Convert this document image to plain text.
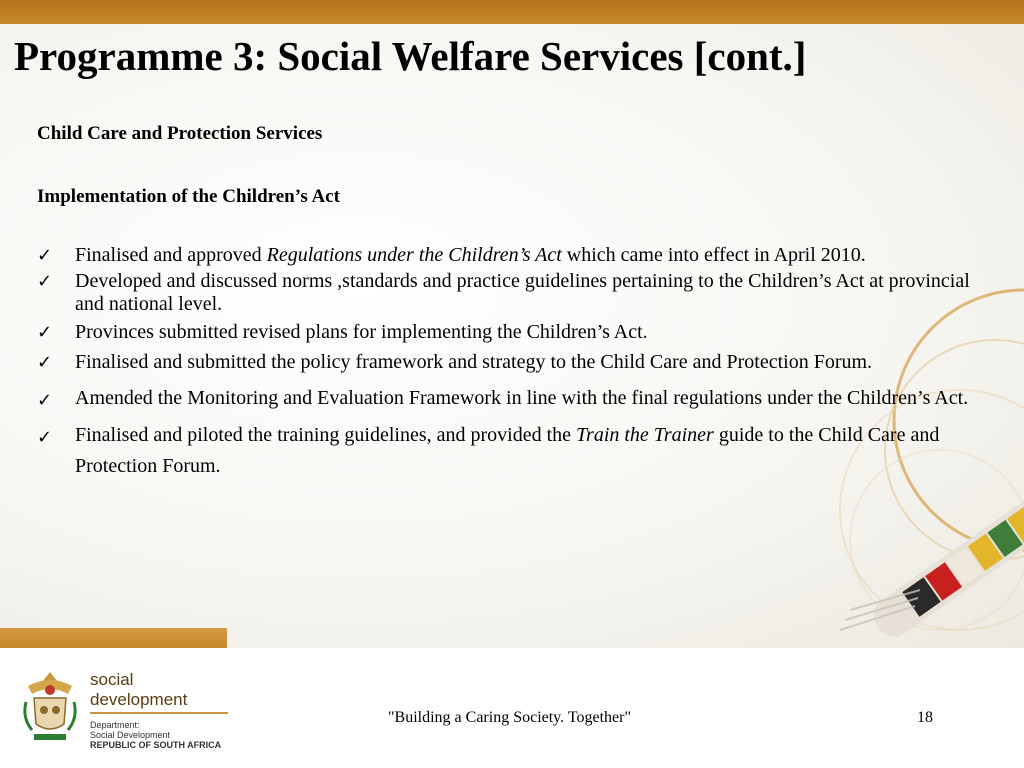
Programme 3: Social Welfare Services [cont.]
Child Care and Protection Services
Implementation of the Children’s Act
✓ Finalised and approved Regulations under the Children’s Act which came into effect in April 2010.
✓ Developed and discussed norms ,standards and practice guidelines pertaining to the Children’s Act at provincial and national level.
✓ Provinces submitted revised plans for implementing the Children’s Act.
✓ Finalised and submitted the policy framework and strategy to the Child Care and Protection Forum.
✓ Amended the Monitoring and Evaluation Framework in line with the final regulations under the Children’s Act.
✓ Finalised and piloted the training guidelines, and provided the Train the Trainer guide to the Child Care and Protection Forum.
social development
Department:
Social Development
REPUBLIC OF SOUTH AFRICA
"Building a Caring Society. Together"	18
